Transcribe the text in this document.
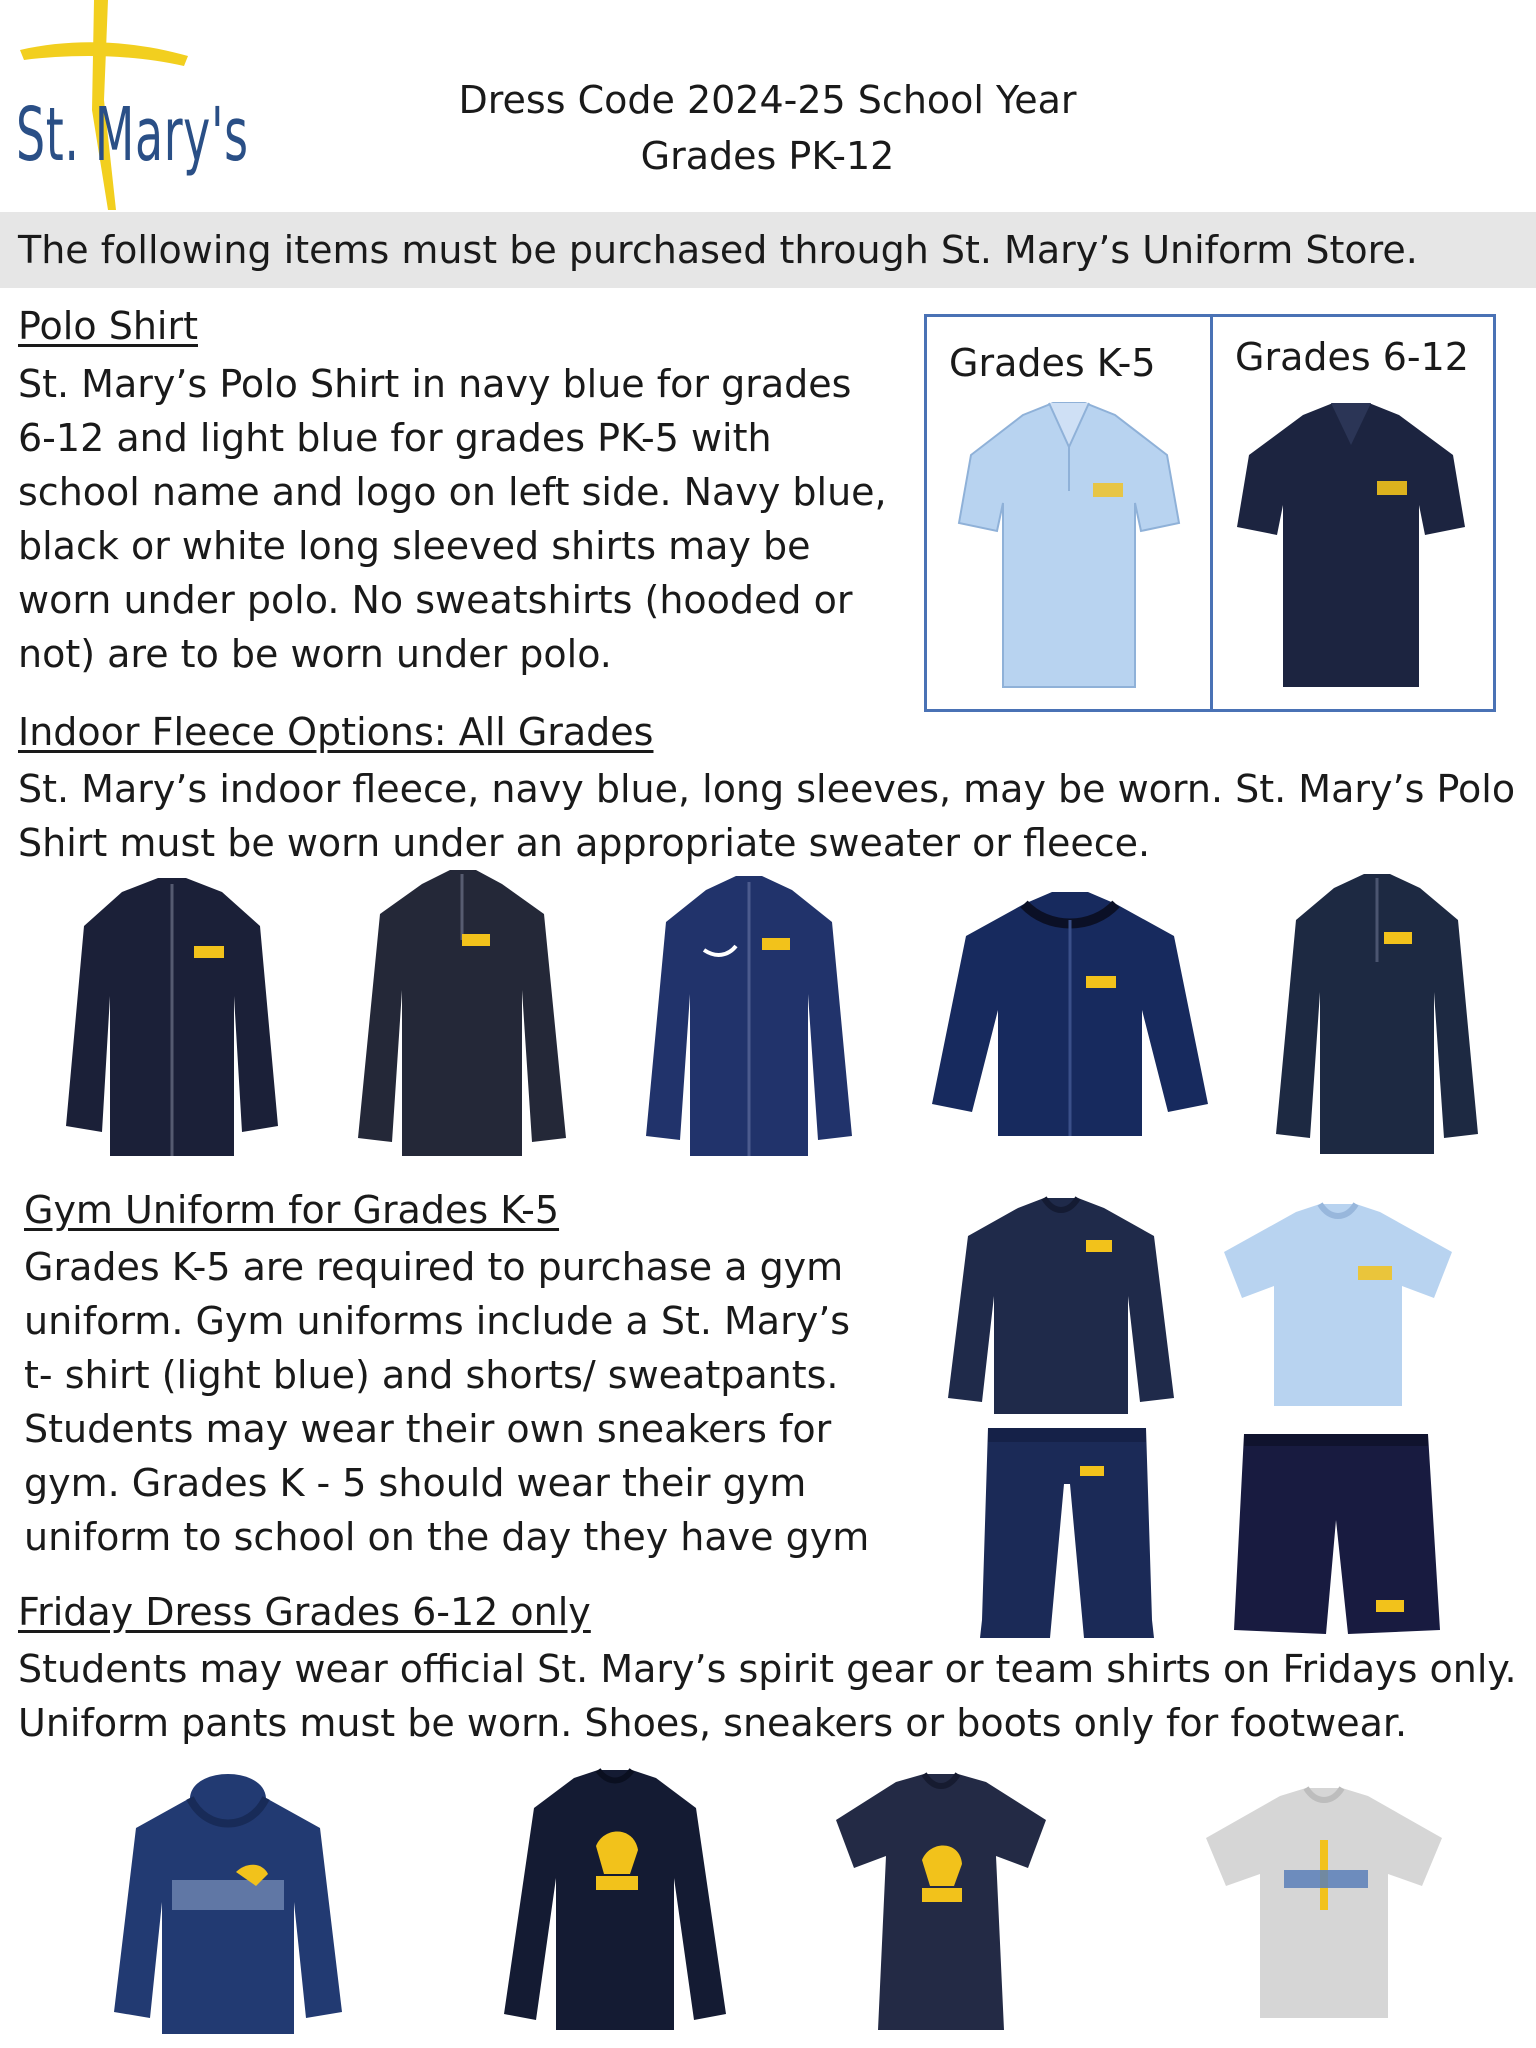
St. Mary's	Dress Code 2024-25 School Year
Grades PK-12
The following items must be purchased through St. Mary’s Uniform Store.
Polo Shirt
St. Mary’s Polo Shirt in navy blue for grades
6-12 and light blue for grades PK-5 with
school name and logo on left side. Navy blue,
black or white long sleeved shirts may be
worn under polo. No sweatshirts (hooded or
not) are to be worn under polo.
Grades K-5 Grades 6-12
Indoor Fleece Options: All Grades
St. Mary’s indoor fleece, navy blue, long sleeves, may be worn. St. Mary’s Polo
Shirt must be worn under an appropriate sweater or fleece.
Gym Uniform for Grades K-5
Grades K-5 are required to purchase a gym
uniform. Gym uniforms include a St. Mary’s
t- shirt (light blue) and shorts/ sweatpants.
Students may wear their own sneakers for
gym. Grades K - 5 should wear their gym
uniform to school on the day they have gym
Friday Dress Grades 6-12 only
Students may wear official St. Mary’s spirit gear or team shirts on Fridays only.
Uniform pants must be worn. Shoes, sneakers or boots only for footwear.
